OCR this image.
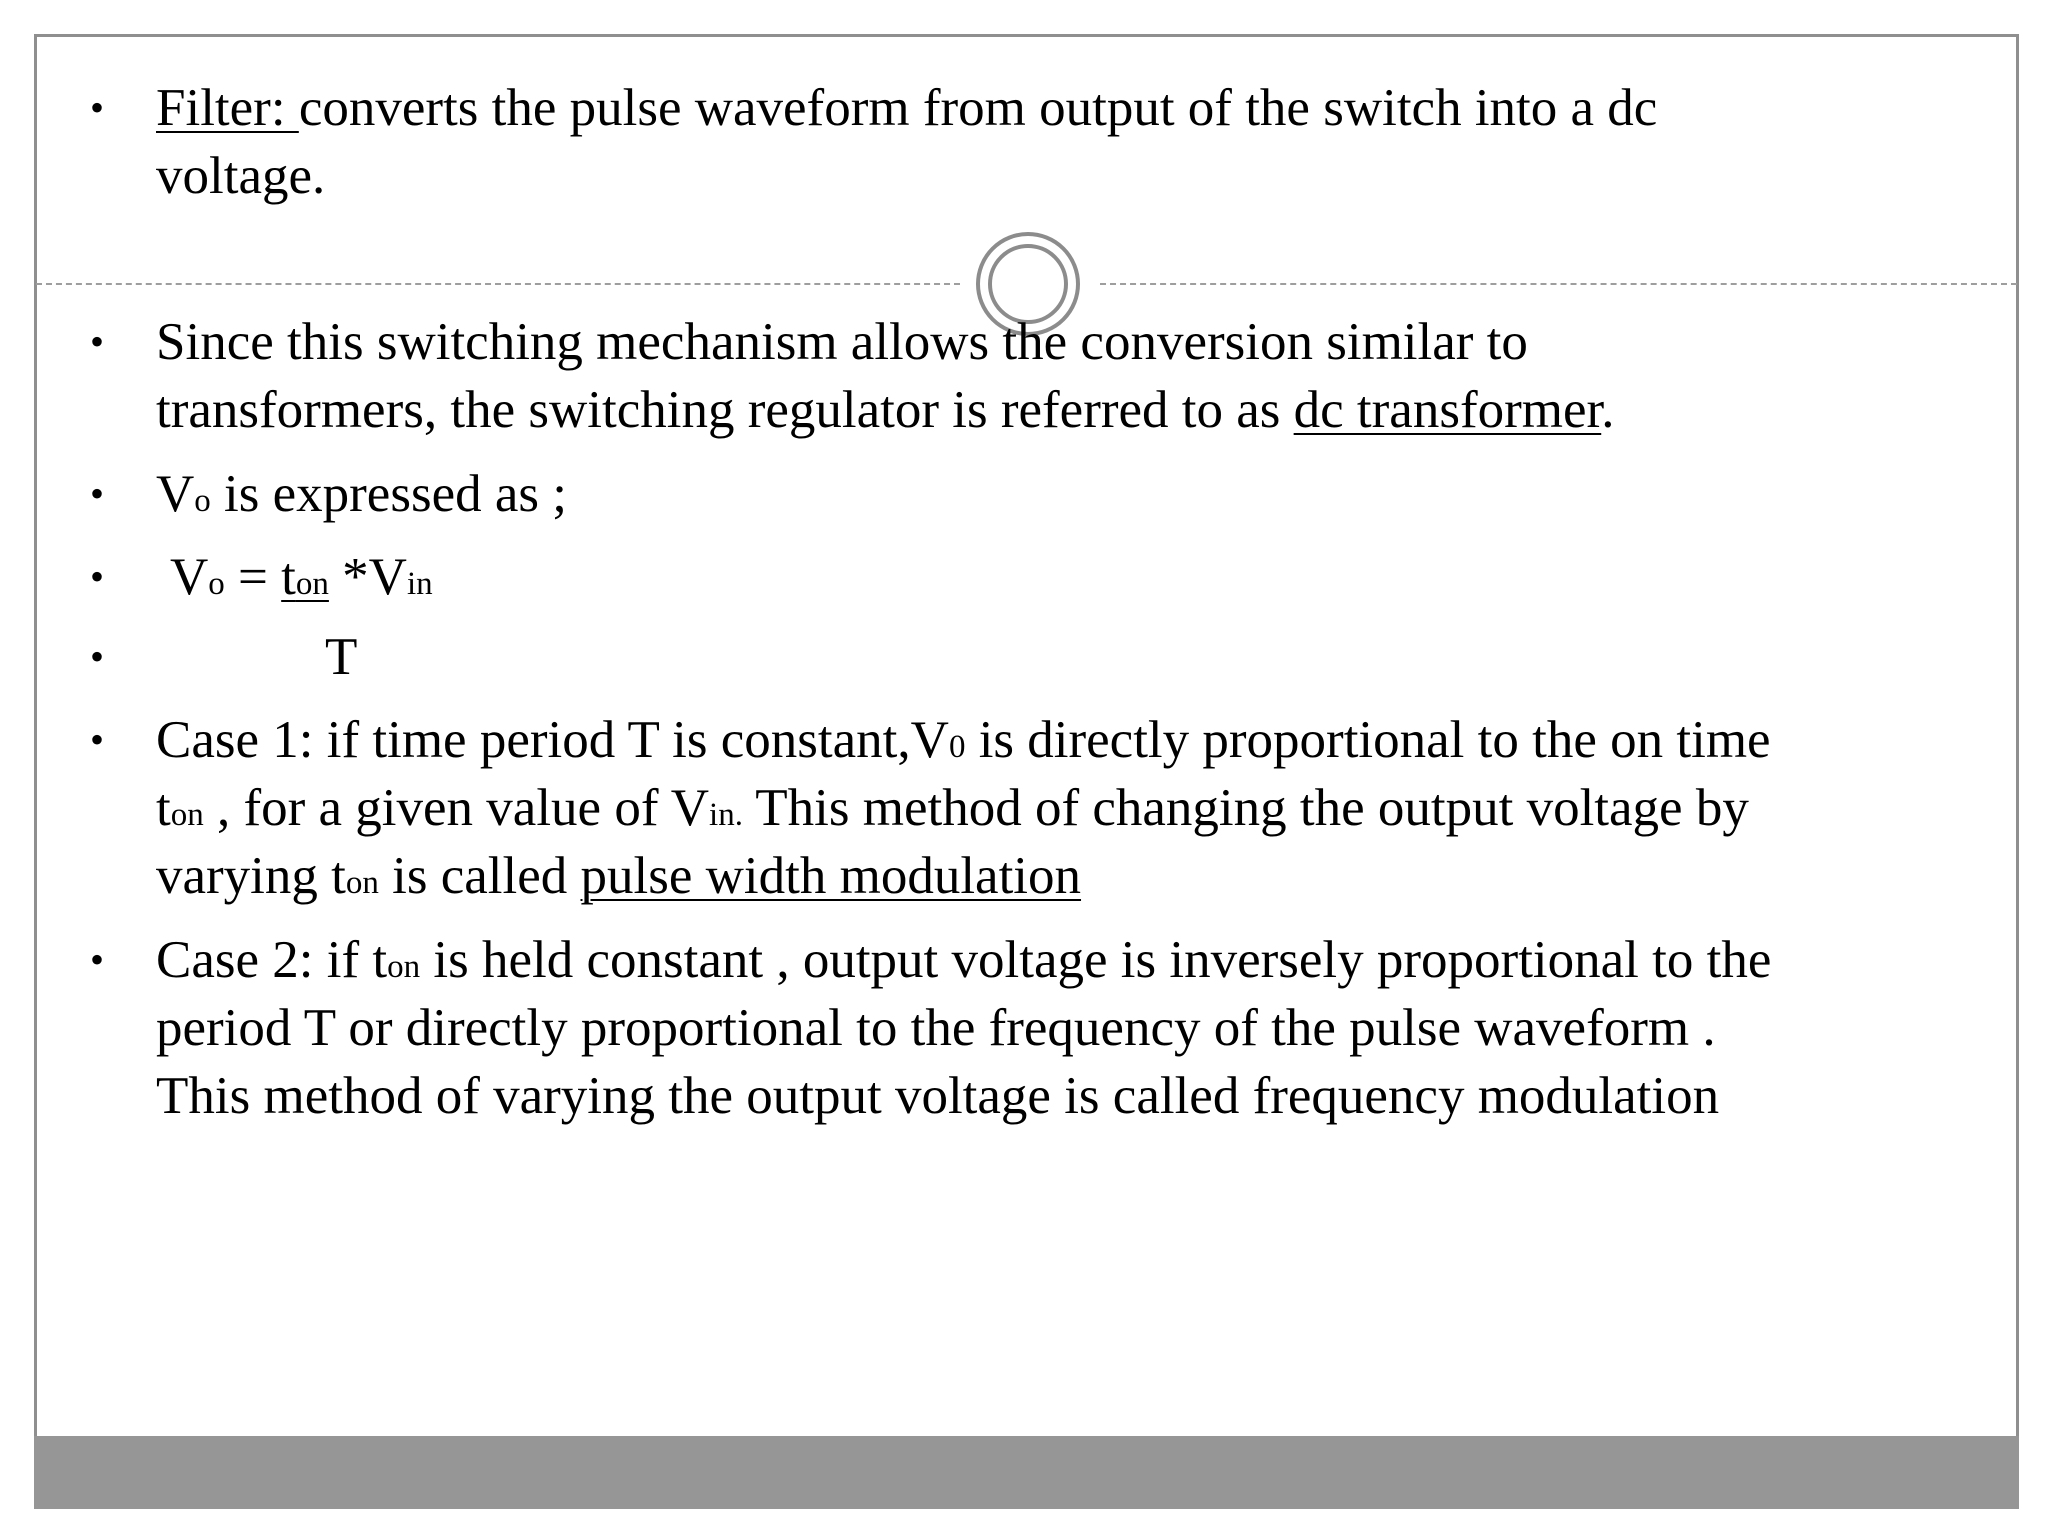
• Filter: converts the pulse waveform from output of the switch into a dc
voltage.
• Since this switching mechanism allows the conversion similar to
transformers, the switching regulator is referred to as dc transformer.
• Vo is expressed as ;
• Vo = ton *Vin
•	T
• Case 1: if time period T is constant,V0 is directly proportional to the on time
ton , for a given value of Vin. This method of changing the output voltage by
varying ton is called pulse width modulation
• Case 2: if ton is held constant , output voltage is inversely proportional to the
period T or directly proportional to the frequency of the pulse waveform .
This method of varying the output voltage is called frequency modulation
